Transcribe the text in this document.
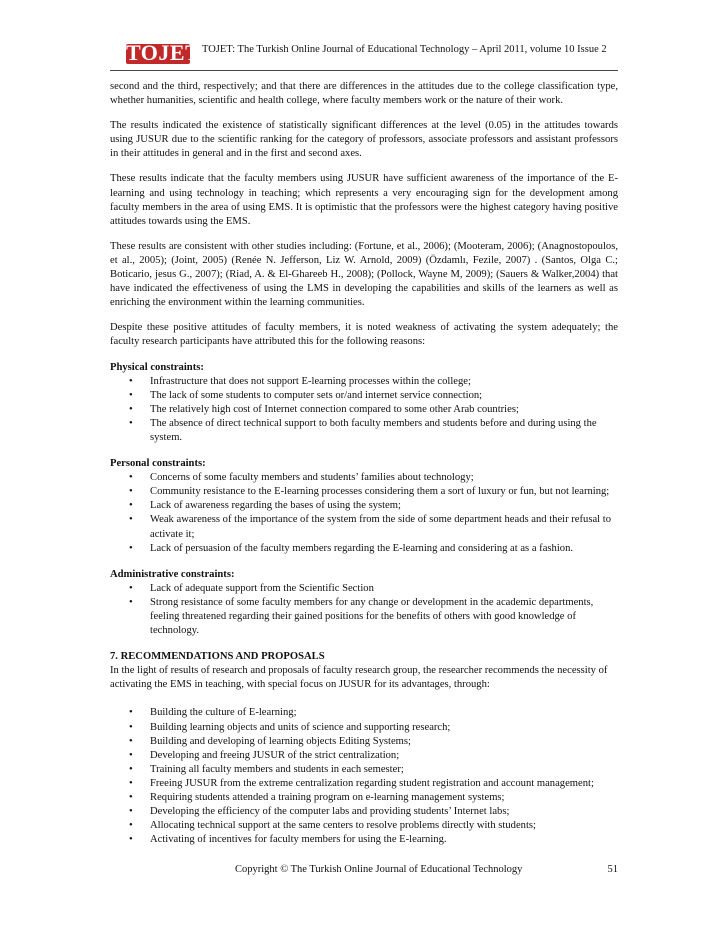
TOJET TOJET: The Turkish Online Journal of Educational Technology – April 2011, volume 10 Issue 2

second and the third, respectively; and that there are differences in the attitudes due to the college classification type, whether humanities, scientific and health college, where faculty members work or the nature of their work.

The results indicated the existence of statistically significant differences at the level (0.05) in the attitudes towards using JUSUR due to the scientific ranking for the category of professors, associate professors and assistant professors in their attitudes in general and in the first and second axes.

These results indicate that the faculty members using JUSUR have sufficient awareness of the importance of the E-learning and using technology in teaching; which represents a very encouraging sign for the development among faculty members in the area of using EMS. It is optimistic that the professors were the highest category having positive attitudes towards using the EMS.

These results are consistent with other studies including: (Fortune, et al., 2006); (Mooteram, 2006); (Anagnostopoulos, et al., 2005); (Joint, 2005) (Renée N. Jefferson, Liz W. Arnold, 2009) (Özdamlı, Fezile, 2007) . (Santos, Olga C.; Boticario, jesus G., 2007); (Riad, A. & El-Ghareeb H., 2008); (Pollock, Wayne M, 2009); (Sauers & Walker,2004) that have indicated the effectiveness of using the LMS in developing the capabilities and skills of the learners as well as enriching the environment within the learning communities.

Despite these positive attitudes of faculty members, it is noted weakness of activating the system adequately; the faculty research participants have attributed this for the following reasons:

Physical constraints:
• Infrastructure that does not support E-learning processes within the college;
• The lack of some students to computer sets or/and internet service connection;
• The relatively high cost of Internet connection compared to some other Arab countries;
• The absence of direct technical support to both faculty members and students before and during using the system.
Personal constraints:
• Concerns of some faculty members and students’ families about technology;
• Community resistance to the E-learning processes considering them a sort of luxury or fun, but not learning;
• Lack of awareness regarding the bases of using the system;
• Weak awareness of the importance of the system from the side of some department heads and their refusal to activate it;
• Lack of persuasion of the faculty members regarding the E-learning and considering at as a fashion.
Administrative constraints:
• Lack of adequate support from the Scientific Section
• Strong resistance of some faculty members for any change or development in the academic departments, feeling threatened regarding their gained positions for the benefits of others with good knowledge of technology.
7. RECOMMENDATIONS AND PROPOSALS

In the light of results of research and proposals of faculty research group, the researcher recommends the necessity of activating the EMS in teaching, with special focus on JUSUR for its advantages, through:

• Building the culture of E-learning;
• Building learning objects and units of science and supporting research;
• Building and developing of learning objects Editing Systems;
• Developing and freeing JUSUR of the strict centralization;
• Training all faculty members and students in each semester;
• Freeing JUSUR from the extreme centralization regarding student registration and account management;
• Requiring students attended a training program on e-learning management systems;
• Developing the efficiency of the computer labs and providing students’ Internet labs;
• Allocating technical support at the same centers to resolve problems directly with students;
• Activating of incentives for faculty members for using the E-learning.
Copyright © The Turkish Online Journal of Educational Technology	51
